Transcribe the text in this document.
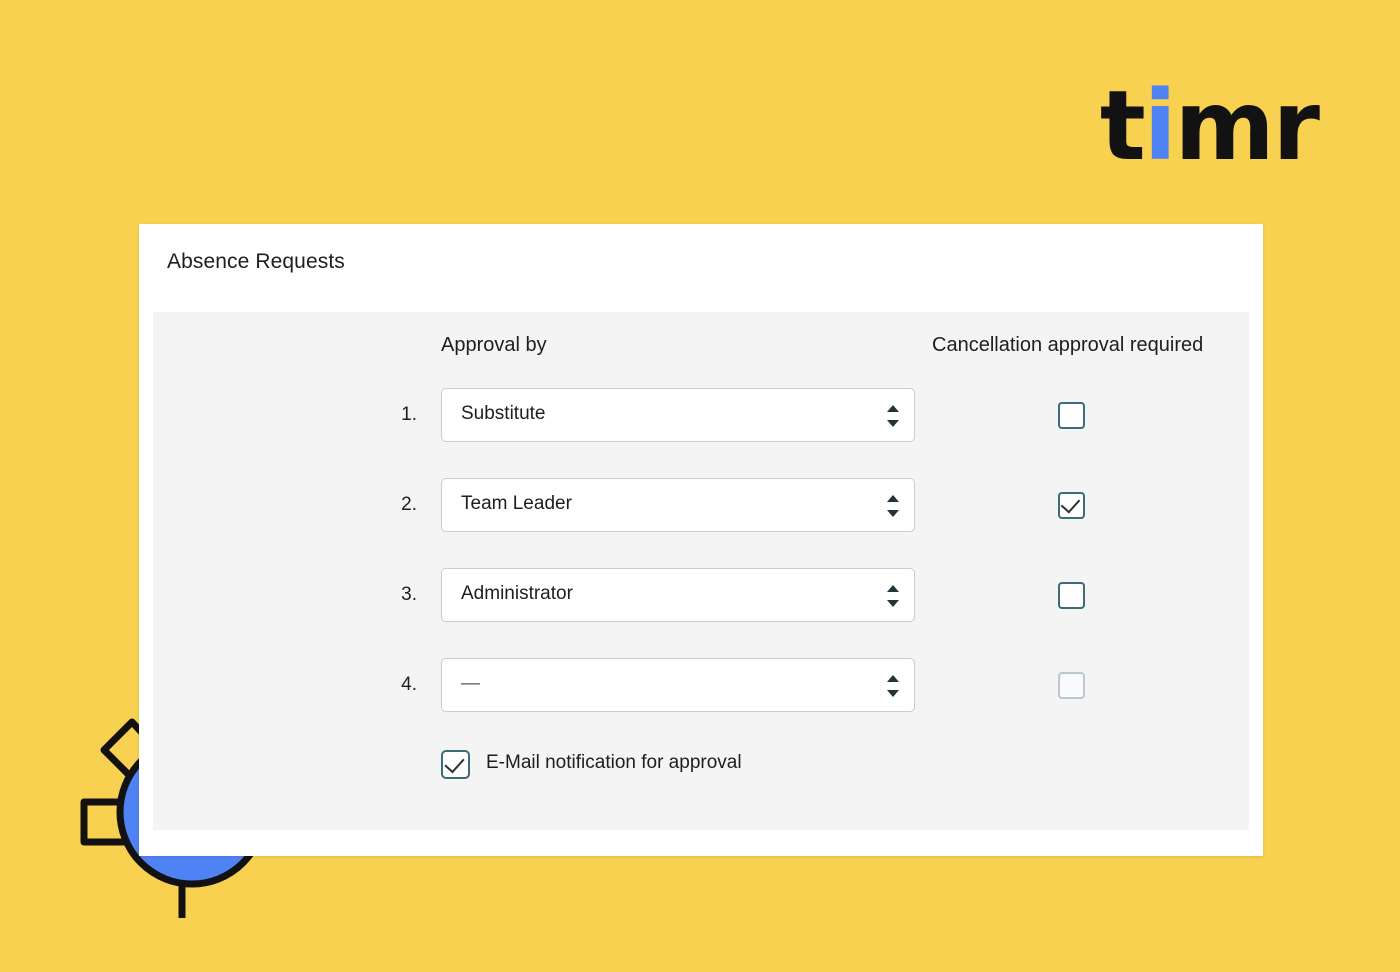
t i mr
Absence Requests
Approval by	Cancellation approval required
1. Substitute
2. Team Leader
3. Administrator
4. —
E-Mail notification for approval
